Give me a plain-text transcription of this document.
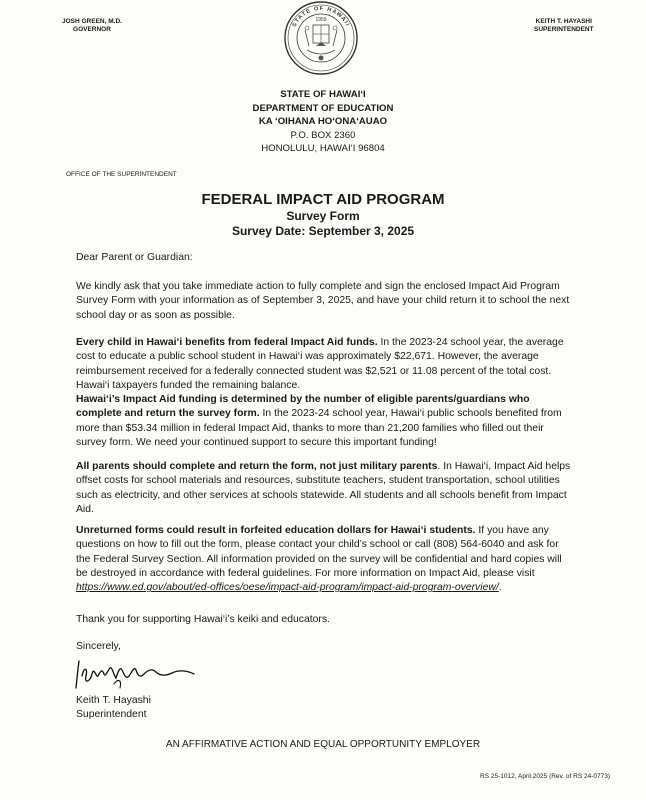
JOSH GREEN, M.D.
GOVERNOR
STATE OF HAWAII
1959	KEITH T. HAYASHI
SUPERINTENDENT
STATE OF HAWAI‘I
DEPARTMENT OF EDUCATION
KA ‘OIHANA HO‘ONA‘AUAO
P.O. BOX 2360
HONOLULU, HAWAI‘I 96804
OFFICE OF THE SUPERINTENDENT
FEDERAL IMPACT AID PROGRAM
Survey Form
Survey Date: September 3, 2025
Dear Parent or Guardian:

We kindly ask that you take immediate action to fully complete and sign the enclosed Impact Aid Program Survey Form with your information as of September 3, 2025, and have your child return it to school the next school day or as soon as possible.

Every child in Hawai‘i benefits from federal Impact Aid funds. In the 2023-24 school year, the average cost to educate a public school student in Hawai‘i was approximately $22,671. However, the average reimbursement received for a federally connected student was $2,521 or 11.08 percent of the total cost. Hawai‘i taxpayers funded the remaining balance.

Hawai‘i’s Impact Aid funding is determined by the number of eligible parents/guardians who complete and return the survey form. In the 2023-24 school year, Hawai‘i public schools benefited from more than $53.34 million in federal Impact Aid, thanks to more than 21,200 families who filled out their survey form. We need your continued support to secure this important funding!

All parents should complete and return the form, not just military parents. In Hawai‘i, Impact Aid helps offset costs for school materials and resources, substitute teachers, student transportation, school utilities such as electricity, and other services at schools statewide. All students and all schools benefit from Impact Aid.

Unreturned forms could result in forfeited education dollars for Hawai‘i students. If you have any questions on how to fill out the form, please contact your child’s school or call (808) 564-6040 and ask for the Federal Survey Section. All information provided on the survey will be confidential and hard copies will be destroyed in accordance with federal guidelines. For more information on Impact Aid, please visit https://www.ed.gov/about/ed-offices/oese/impact-aid-program/impact-aid-program-overview/.

Thank you for supporting Hawai‘i’s keiki and educators.
Sincerely,
Keith T. Hayashi
Superintendent
AN AFFIRMATIVE ACTION AND EQUAL OPPORTUNITY EMPLOYER
RS 25-1012, April 2025 (Rev. of RS 24-0773)
